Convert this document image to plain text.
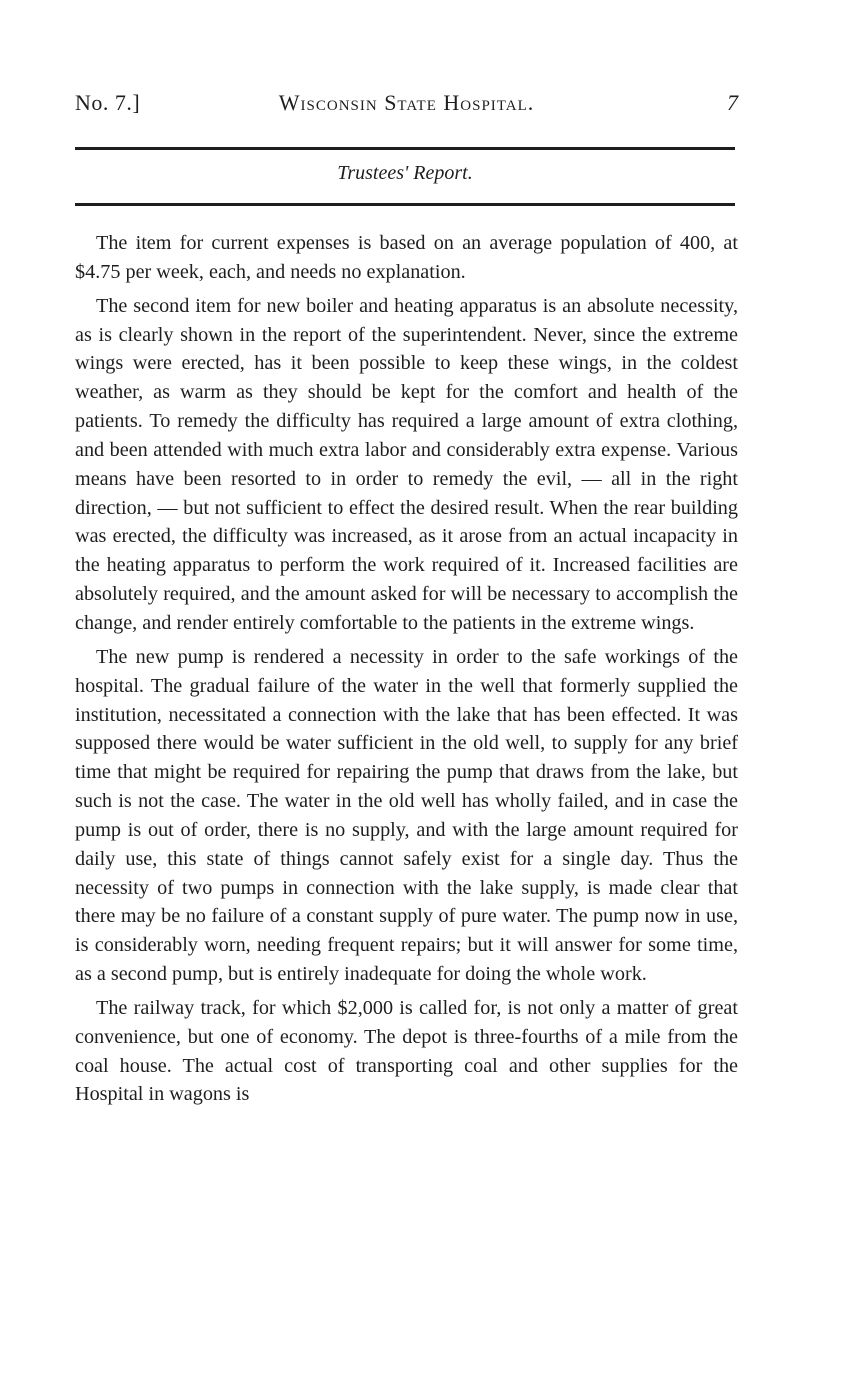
No. 7.]	Wisconsin State Hospital.	7
Trustees' Report.

The item for current expenses is based on an average population of 400, at $4.75 per week, each, and needs no explanation.

The second item for new boiler and heating apparatus is an absolute necessity, as is clearly shown in the report of the superintendent. Never, since the extreme wings were erected, has it been possible to keep these wings, in the coldest weather, as warm as they should be kept for the comfort and health of the patients. To remedy the difficulty has required a large amount of extra clothing, and been attended with much extra labor and considerably extra expense. Various means have been resorted to in order to remedy the evil, — all in the right direction, — but not sufficient to effect the desired result. When the rear building was erected, the difficulty was increased, as it arose from an actual incapacity in the heating apparatus to perform the work required of it. Increased facilities are absolutely required, and the amount asked for will be necessary to accomplish the change, and render entirely comfortable to the patients in the extreme wings.

The new pump is rendered a necessity in order to the safe workings of the hospital. The gradual failure of the water in the well that formerly supplied the institution, necessitated a connection with the lake that has been effected. It was supposed there would be water sufficient in the old well, to supply for any brief time that might be required for repairing the pump that draws from the lake, but such is not the case. The water in the old well has wholly failed, and in case the pump is out of order, there is no supply, and with the large amount required for daily use, this state of things cannot safely exist for a single day. Thus the necessity of two pumps in connection with the lake supply, is made clear that there may be no failure of a constant supply of pure water. The pump now in use, is considerably worn, needing frequent repairs; but it will answer for some time, as a second pump, but is entirely inadequate for doing the whole work.

The railway track, for which $2,000 is called for, is not only a matter of great convenience, but one of economy. The depot is three-fourths of a mile from the coal house. The actual cost of transporting coal and other supplies for the Hospital in wagons is
